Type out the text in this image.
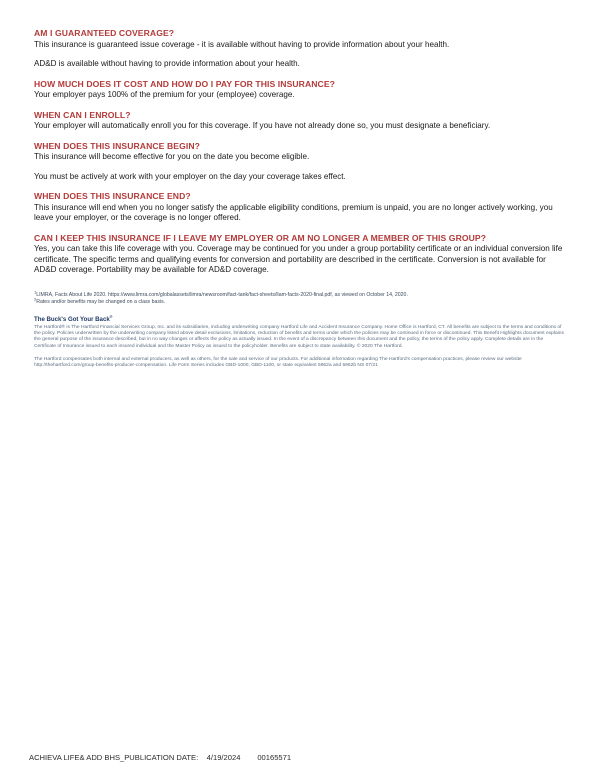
AM I GUARANTEED COVERAGE?

This insurance is guaranteed issue coverage - it is available without having to provide information about your health.

AD&D is available without having to provide information about your health.

HOW MUCH DOES IT COST AND HOW DO I PAY FOR THIS INSURANCE?

Your employer pays 100% of the premium for your (employee) coverage.

WHEN CAN I ENROLL?

Your employer will automatically enroll you for this coverage. If you have not already done so, you must designate a beneficiary.

WHEN DOES THIS INSURANCE BEGIN?

This insurance will become effective for you on the date you become eligible.

You must be actively at work with your employer on the day your coverage takes effect.

WHEN DOES THIS INSURANCE END?

This insurance will end when you no longer satisfy the applicable eligibility conditions, premium is unpaid, you are no longer actively working, you leave your employer, or the coverage is no longer offered.

CAN I KEEP THIS INSURANCE IF I LEAVE MY EMPLOYER OR AM NO LONGER A MEMBER OF THIS GROUP?

Yes, you can take this life coverage with you. Coverage may be continued for you under a group portability certificate or an individual conversion life certificate. The specific terms and qualifying events for conversion and portability are described in the certificate. Conversion is not available for AD&D coverage. Portability may be available for AD&D coverage.

$^1$LIMRA, Facts About Life 2020. https://www.limra.com/globalassets/limra/newsroom/fact-tank/fact-sheets/liam-facts-2020-final.pdf, as viewed on October 14, 2020.

$^2$Rates and/or benefits may be changed on a class basis.

The Buck's Got Your Back®

The Hartford® is The Hartford Financial Services Group, Inc. and its subsidiaries, including underwriting company Hartford Life and Accident Insurance Company. Home Office is Hartford, CT. All benefits are subject to the terms and conditions of the policy. Policies underwritten by the underwriting company listed above detail exclusions, limitations, reduction of benefits and terms under which the policies may be continued in force or discontinued. This Benefit Highlights document explains the general purpose of the insurance described, but in no way changes or affects the policy as actually issued. In the event of a discrepancy between this document and the policy, the terms of the policy apply. Complete details are in the Certificate of Insurance issued to each insured individual and the Master Policy as issued to the policyholder. Benefits are subject to state availability. © 2020 The Hartford.

The Hartford compensates both internal and external producers, as well as others, for the sale and service of our products. For additional information regarding The Hartford's compensation practices, please review our website http://thehartford.com/group-benefits-producer-compensation. Life Form Series includes GBD-1000, GBD-1100, or state equivalent 5962a and 5962b NS 07/21

ACHIEVA LIFE& ADD BHS_PUBLICATION DATE:    4/19/2024        00165571
